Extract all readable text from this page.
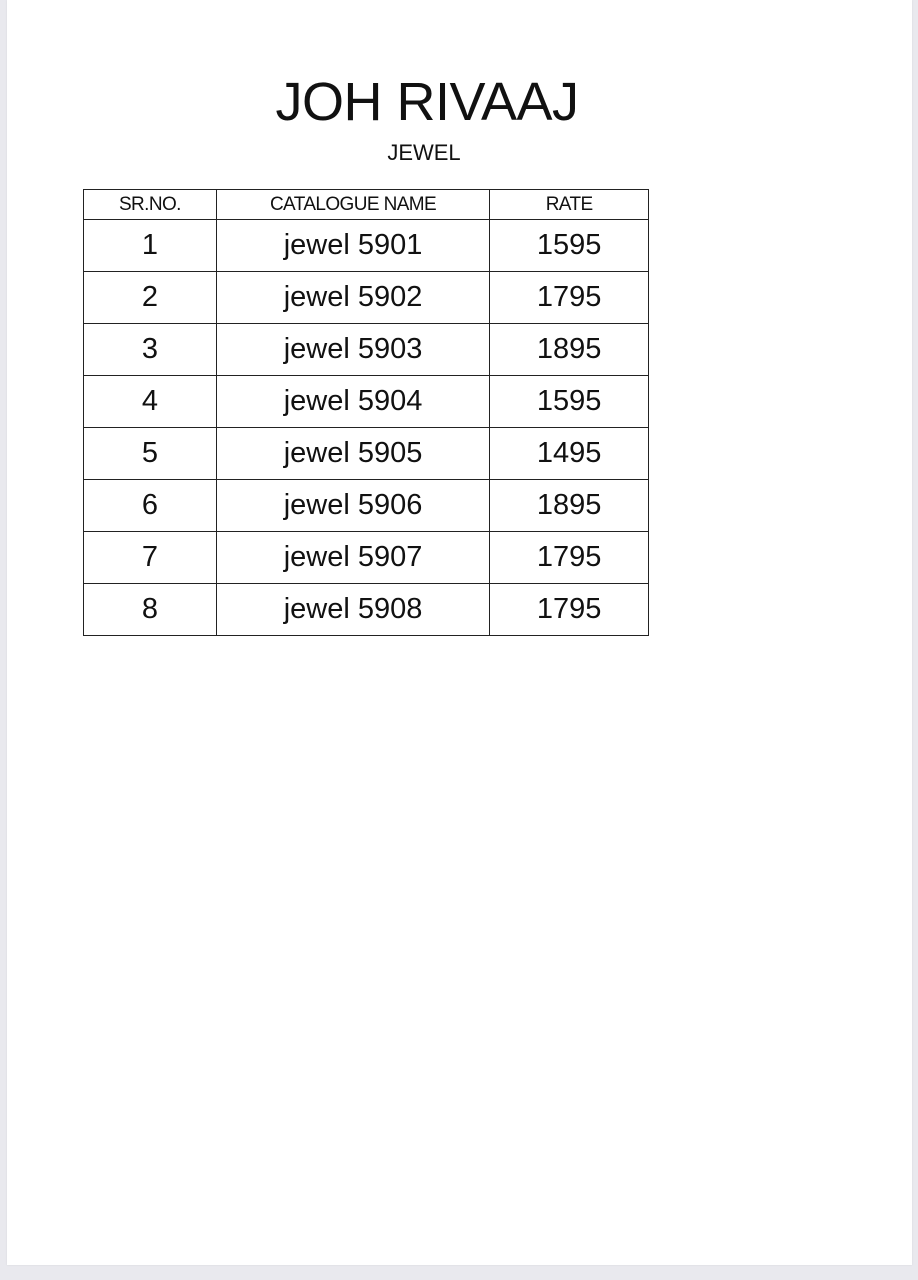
JOH RIVAAJ
JEWEL
SR.NO.	CATALOGUE NAME	RATE
1	jewel 5901	1595
2	jewel 5902	1795
3	jewel 5903	1895
4	jewel 5904	1595
5	jewel 5905	1495
6	jewel 5906	1895
7	jewel 5907	1795
8	jewel 5908	1795
